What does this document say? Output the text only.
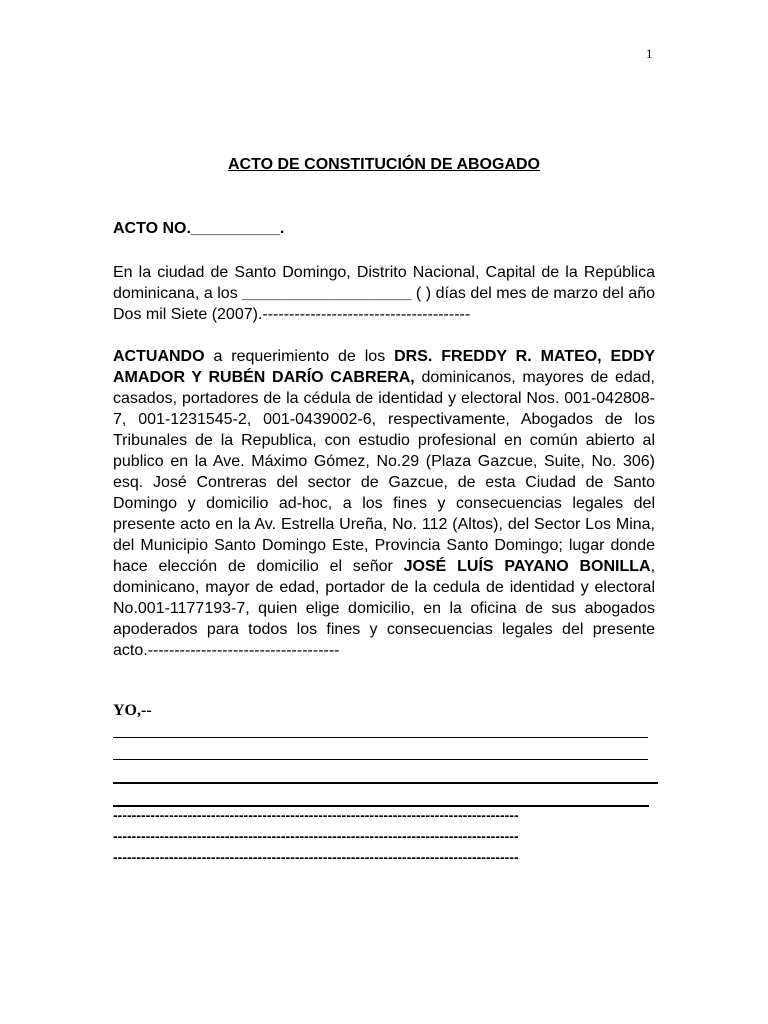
1
ACTO DE CONSTITUCIÓN DE ABOGADO
ACTO NO.__________.
En la ciudad de Santo Domingo, Distrito Nacional, Capital de la República dominicana, a los ___________________ ( ) días del mes de marzo del año Dos mil Siete (2007).---------------------------------------
ACTUANDO a requerimiento de los DRS. FREDDY R. MATEO, EDDY AMADOR Y RUBÉN DARÍO CABRERA, dominicanos, mayores de edad, casados, portadores de la cédula de identidad y electoral Nos. 001-042808-7, 001-1231545-2, 001-0439002-6, respectivamente, Abogados de los Tribunales de la Republica, con estudio profesional en común abierto al publico en la Ave. Máximo Gómez, No.29 (Plaza Gazcue, Suite, No. 306) esq. José Contreras del sector de Gazcue, de esta Ciudad de Santo Domingo y domicilio ad-hoc, a los fines y consecuencias legales del presente acto en la Av. Estrella Ureña, No. 112 (Altos), del Sector Los Mina, del Municipio Santo Domingo Este, Provincia Santo Domingo; lugar donde hace elección de domicilio el señor JOSÉ LUÍS PAYANO BONILLA, dominicano, mayor de edad, portador de la cedula de identidad y electoral No.001-1177193-7, quien elige domicilio, en la oficina de sus abogados apoderados para todos los fines y consecuencias legales del presente acto.------------------------------------
YO,--
---------------------------------------------------------------------------------------
---------------------------------------------------------------------------------------
---------------------------------------------------------------------------------------
